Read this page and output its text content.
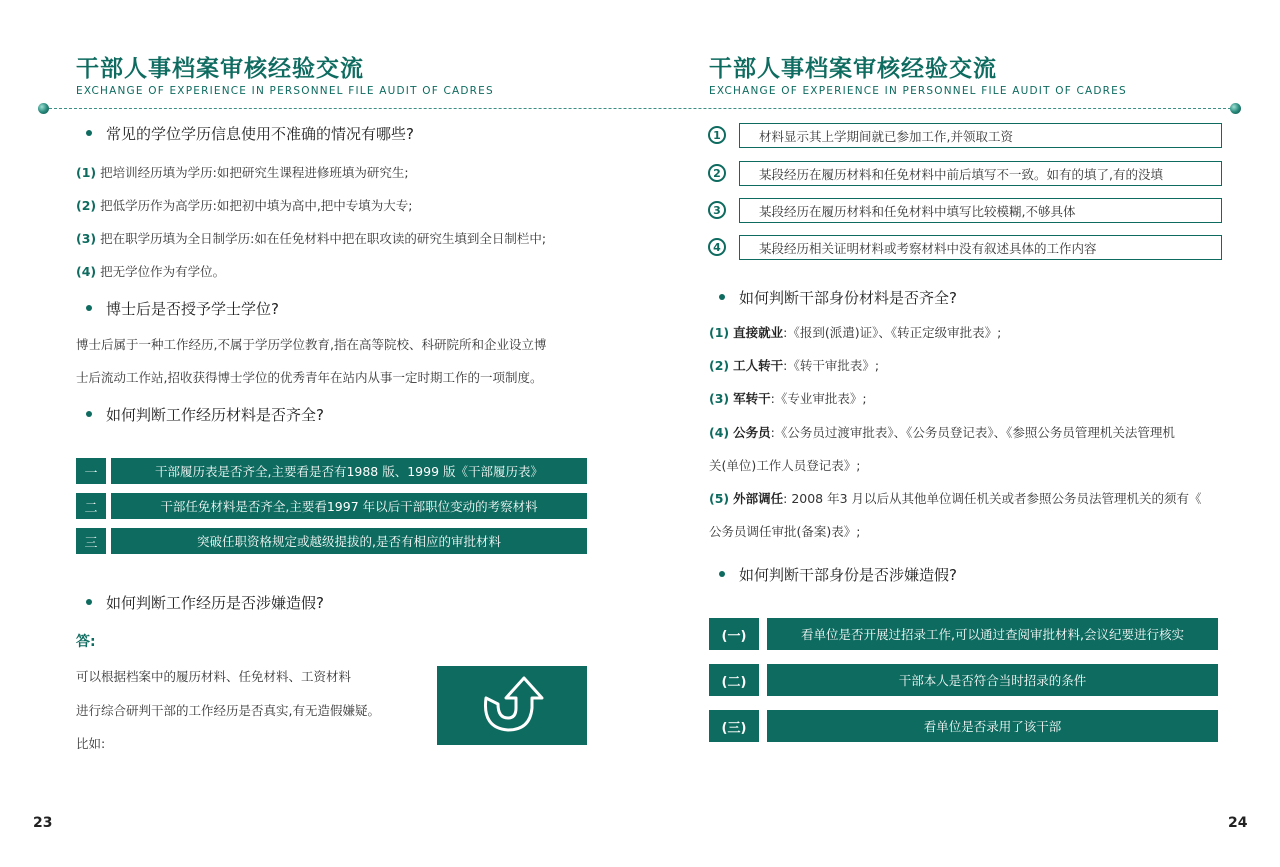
干部人事档案审核经验交流
EXCHANGE OF EXPERIENCE IN PERSONNEL FILE AUDIT OF CADRES
常见的学位学历信息使用不准确的情况有哪些?
(1) 把培训经历填为学历:如把研究生课程进修班填为研究生;
(2) 把低学历作为高学历:如把初中填为高中,把中专填为大专;
(3) 把在职学历填为全日制学历:如在任免材料中把在职攻读的研究生填到全日制栏中;
(4) 把无学位作为有学位。
博士后是否授予学士学位?
博士后属于一种工作经历,不属于学历学位教育,指在高等院校、科研院所和企业设立博
士后流动工作站,招收获得博士学位的优秀青年在站内从事一定时期工作的一项制度。
如何判断工作经历材料是否齐全?
一	干部履历表是否齐全,主要看是否有1988 版、1999 版《干部履历表》
二	干部任免材料是否齐全,主要看1997 年以后干部职位变动的考察材料
三	突破任职资格规定或越级提拔的,是否有相应的审批材料
如何判断工作经历是否涉嫌造假?
答:
可以根据档案中的履历材料、任免材料、工资材料
进行综合研判干部的工作经历是否真实,有无造假嫌疑。
比如:
23
干部人事档案审核经验交流
EXCHANGE OF EXPERIENCE IN PERSONNEL FILE AUDIT OF CADRES
1	材料显示其上学期间就已参加工作,并领取工资
2	某段经历在履历材料和任免材料中前后填写不一致。如有的填了,有的没填
3	某段经历在履历材料和任免材料中填写比较模糊,不够具体
4	某段经历相关证明材料或考察材料中没有叙述具体的工作内容
如何判断干部身份材料是否齐全?
(1) 直接就业:《报到(派遣)证》、《转正定级审批表》;
(2) 工人转干:《转干审批表》;
(3) 军转干:《专业审批表》;
(4) 公务员:《公务员过渡审批表》、《公务员登记表》、《参照公务员管理机关法管理机
关(单位)工作人员登记表》;
(5) 外部调任: 2008 年3 月以后从其他单位调任机关或者参照公务员法管理机关的须有《
公务员调任审批(备案)表》;
如何判断干部身份是否涉嫌造假?
(一)	看单位是否开展过招录工作,可以通过查阅审批材料,会议纪要进行核实
(二)	干部本人是否符合当时招录的条件
(三)	看单位是否录用了该干部
24
